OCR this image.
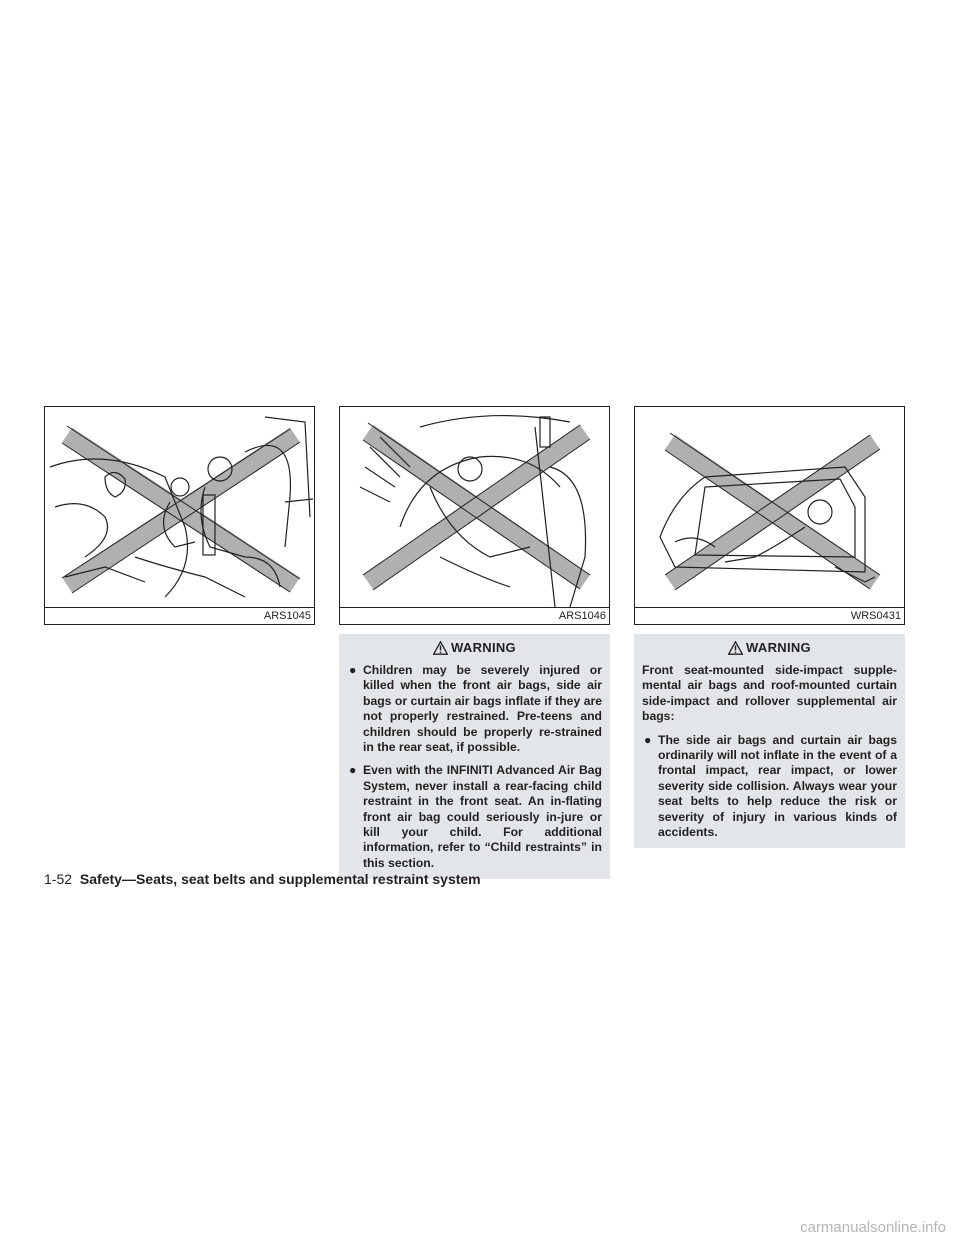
ARS1045	ARS1046	WRS0431
WARNING
● Children may be severely injured or killed when the front air bags, side air bags or curtain air bags inflate if they are not properly restrained. Pre-teens and children should be properly re-strained in the rear seat, if possible.
● Even with the INFINITI Advanced Air Bag System, never install a rear-facing child restraint in the front seat. An in-flating front air bag could seriously in-jure or kill your child. For additional information, refer to “Child restraints” in this section.
WARNING

Front seat-mounted side-impact supple-mental air bags and roof-mounted curtain side-impact and rollover supplemental air bags:

● The side air bags and curtain air bags ordinarily will not inflate in the event of a frontal impact, rear impact, or lower severity side collision. Always wear your seat belts to help reduce the risk or severity of injury in various kinds of accidents.
1-52 Safety—Seats, seat belts and supplemental restraint system
carmanualsonline.info
